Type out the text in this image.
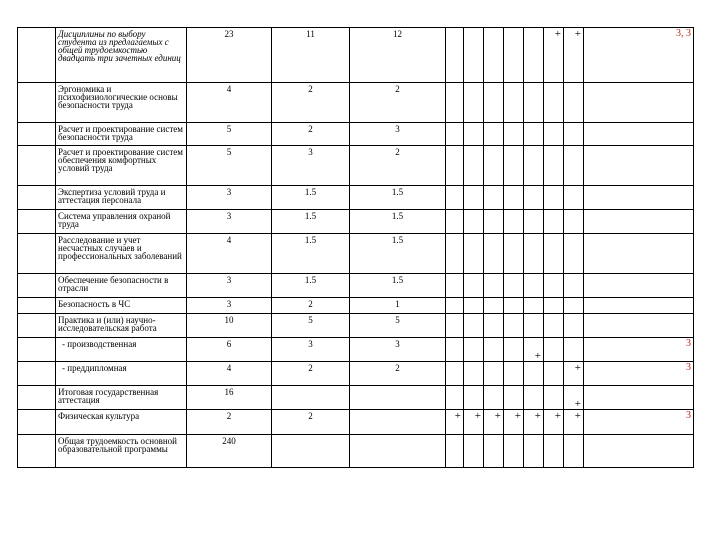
	Дисциплины по выбору студента из предлагаемых с общей трудоемкостью двадцать три зачетных единиц	23	11	12						+	+	3, 3
	Эргономика и психофизиологические основы безопасности труда	4	2	2								
	Расчет и проектирование систем безопасности труда	5	2	3								
	Расчет и проектирование систем обеспечения комфортных условий труда	5	3	2								
	Экспертиза условий труда и аттестация персонала	3	1.5	1.5								
	Система управления охраной труда	3	1.5	1.5								
	Расследование и учет несчастных случаев и профессиональных заболеваний	4	1.5	1.5								
	Обеспечение безопасности в отрасли	3	1.5	1.5								
	Безопасность в ЧС	3	2	1								
	Практика и (или) научно-исследовательская работа	10	5	5								
	- производственная	6	3	3					+			3
	- преддипломная	4	2	2							+	3
	Итоговая государственная аттестация	16									+	
	Физическая культура	2	2		+	+	+	+	+	+	+	3
	Общая трудоемкость основной образовательной программы	240										
